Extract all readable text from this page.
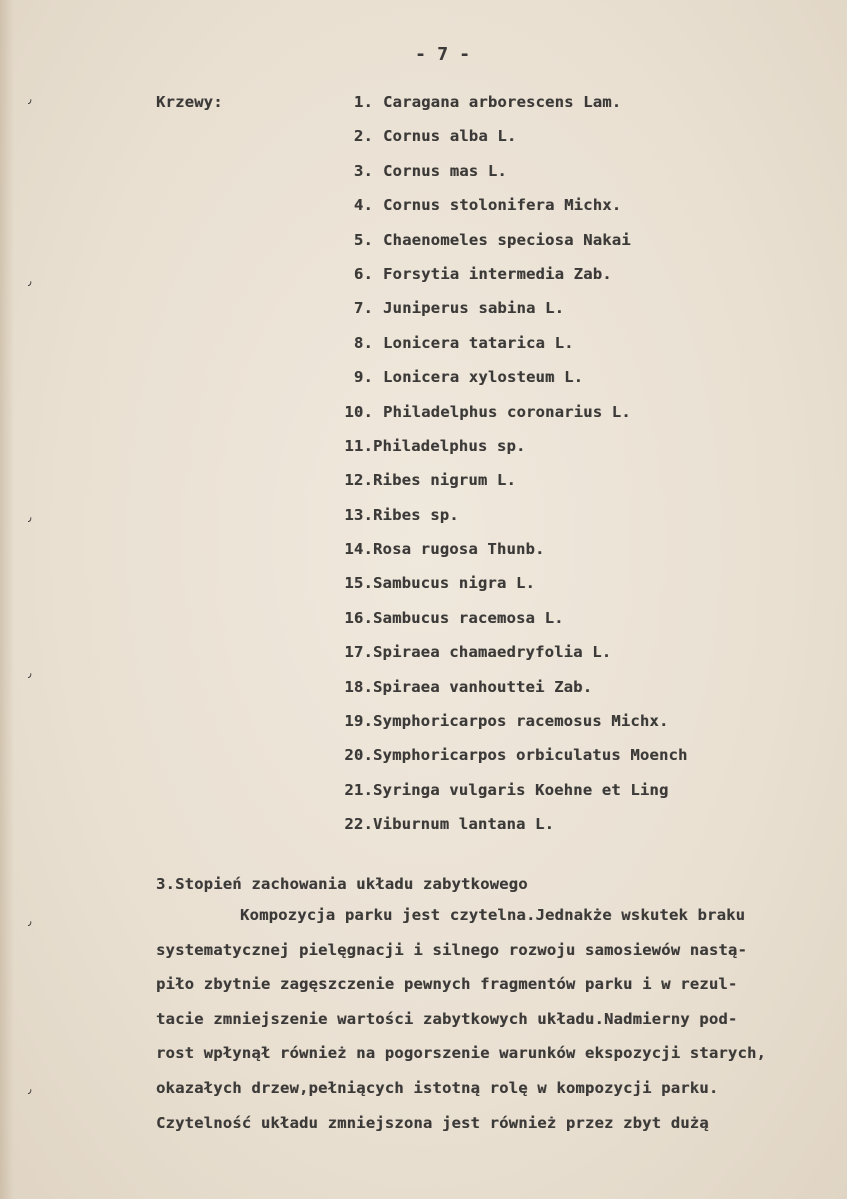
٫
٫
٫
٫
٫
٫
- 7 -
Krzewy:	1. Caragana arborescens Lam.
2. Cornus alba L.
3. Cornus mas L.
4. Cornus stolonifera Michx.
5. Chaenomeles speciosa Nakai
6. Forsytia intermedia Zab.
7. Juniperus sabina L.
8. Lonicera tatarica L.
9. Lonicera xylosteum L.
10. Philadelphus coronarius L.
11. Philadelphus sp.
12. Ribes nigrum L.
13. Ribes sp.
14. Rosa rugosa Thunb.
15. Sambucus nigra L.
16. Sambucus racemosa L.
17. Spiraea chamaedryfolia L.
18. Spiraea vanhouttei Zab.
19. Symphoricarpos racemosus Michx.
20. Symphoricarpos orbiculatus Moench
21. Syringa vulgaris Koehne et Ling
22. Viburnum lantana L.
3.Stopień zachowania układu zabytkowego
Kompozycja parku jest czytelna.Jednakże wskutek braku
systematycznej pielęgnacji i silnego rozwoju samosiewów nastą-
piło zbytnie zagęszczenie pewnych fragmentów parku i w rezul-
tacie zmniejszenie wartości zabytkowych układu.Nadmierny pod-
rost wpłynął również na pogorszenie warunków ekspozycji starych,
okazałych drzew,pełniących istotną rolę w kompozycji parku.
Czytelność układu zmniejszona jest również przez zbyt dużą
